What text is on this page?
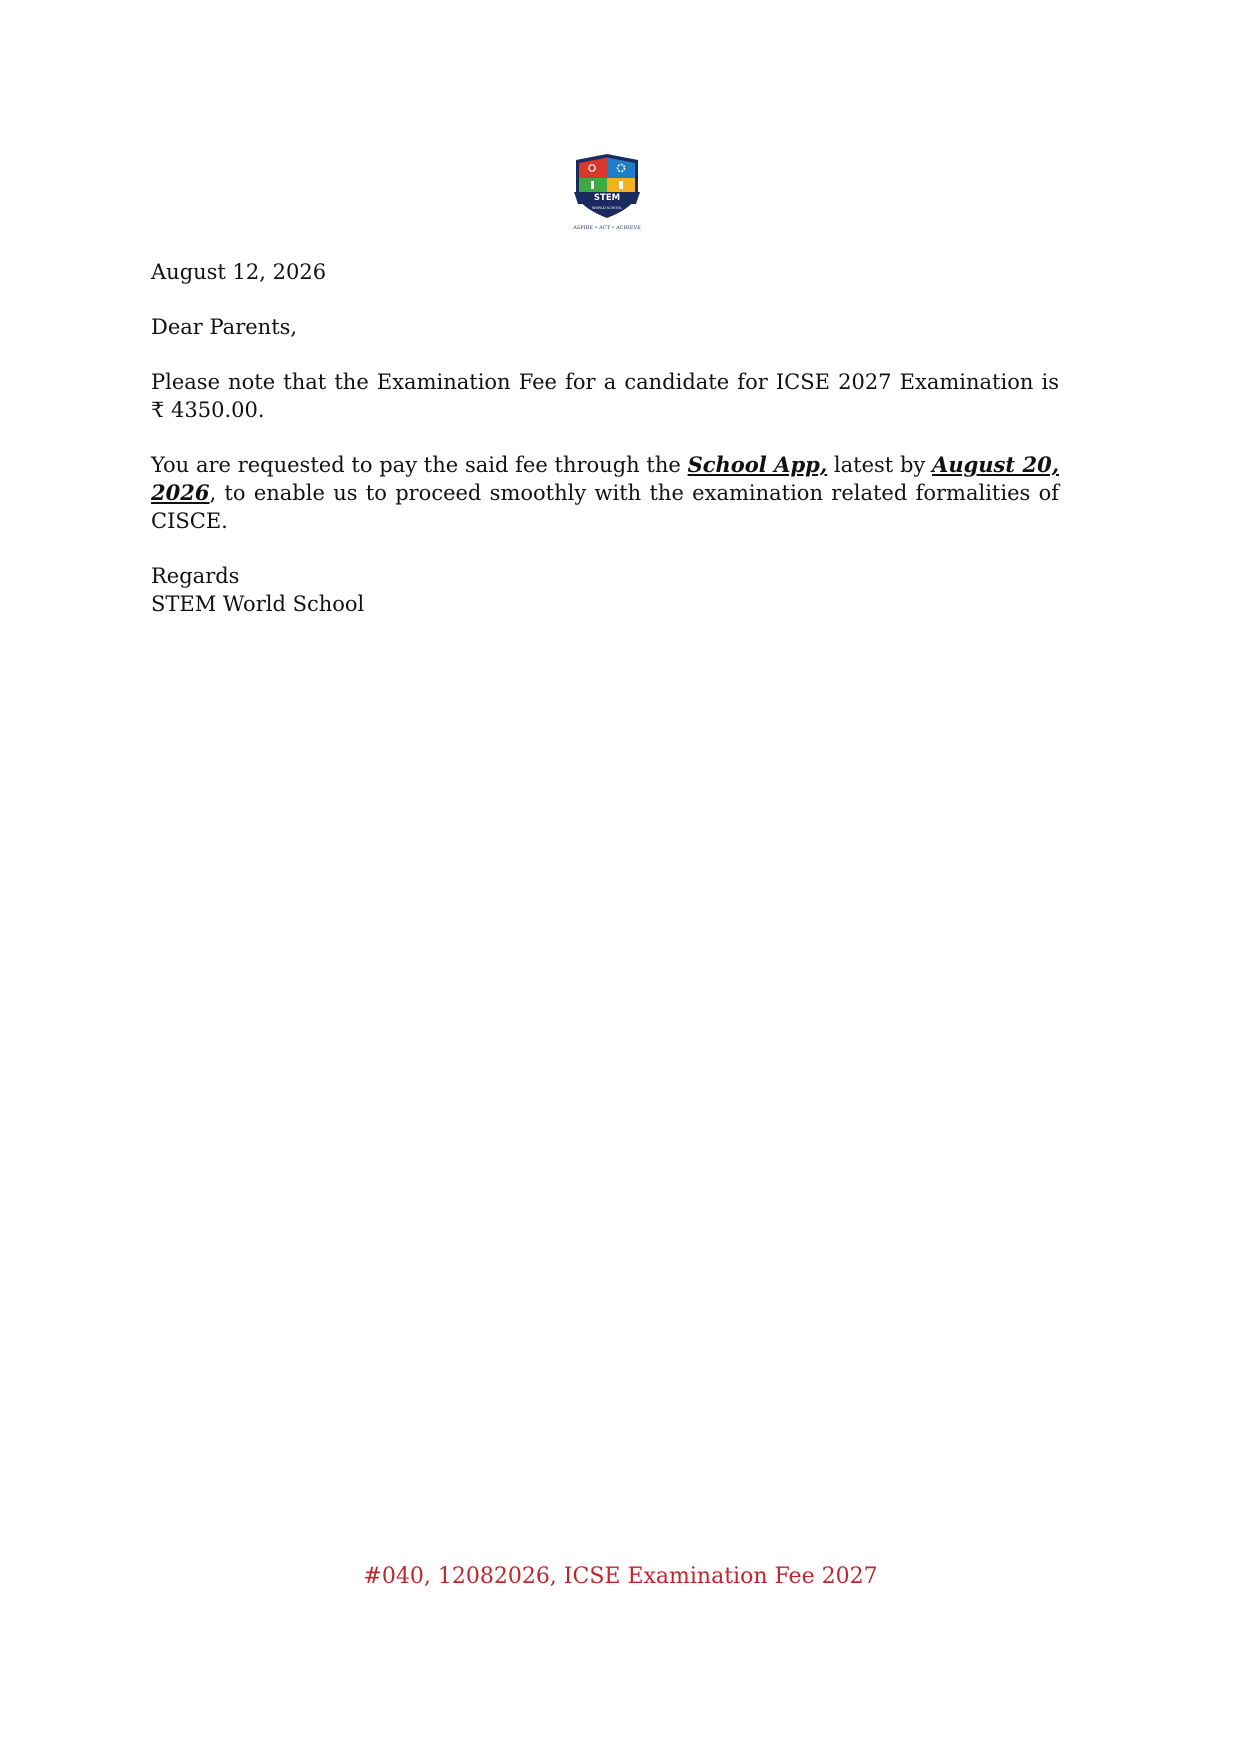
STEM
WORLD SCHOOL
ASPIRE • ACT • ACHIEVE

August 12, 2026

Dear Parents,

Please note that the Examination Fee for a candidate for ICSE 2027 Examination is ₹ 4350.00.

You are requested to pay the said fee through the School App, latest by August 20, 2026, to enable us to proceed smoothly with the examination related formalities of CISCE.

Regards
STEM World School

#040, 12082026, ICSE Examination Fee 2027
